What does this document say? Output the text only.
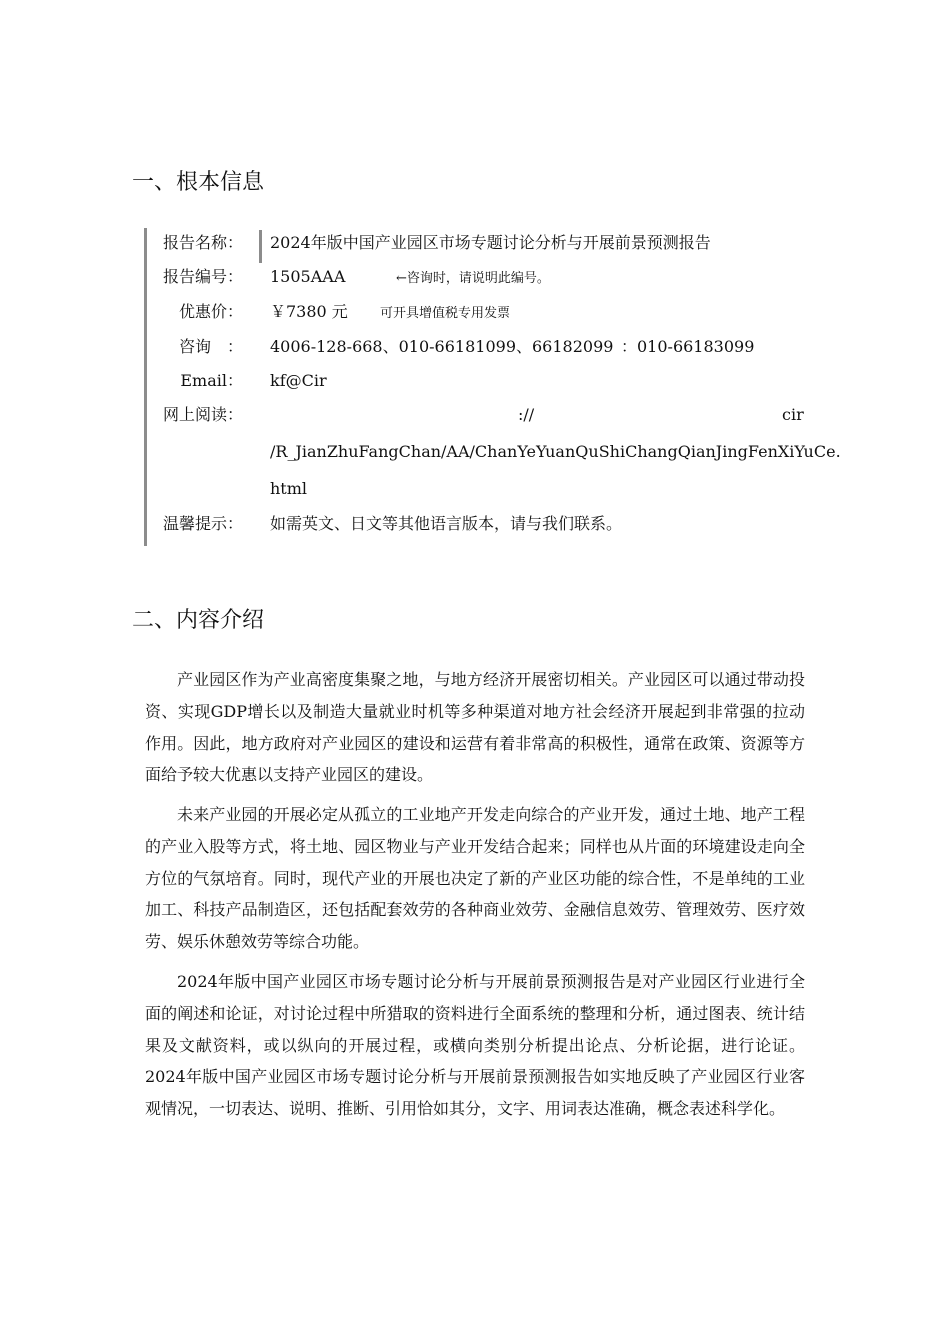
一、根本信息
报告名称： 2024年版中国产业园区市场专题讨论分析与开展前景预测报告
报告编号： 1505AAA	←咨询时，请说明此编号。
优惠价： ￥7380 元 可开具增值税专用发票
咨询　： 4006-128-668、010-66181099、66182099 ：010-66183099
Email： kf@Cir
网上阅读：	://	cir
/R_JianZhuFangChan/AA/ChanYeYuanQuShiChangQianJingFenXiYuCe.
html
温馨提示： 如需英文、日文等其他语言版本，请与我们联系。
二、内容介绍

产业园区作为产业高密度集聚之地，与地方经济开展密切相关。产业园区可以通过带动投资、实现GDP增长以及制造大量就业时机等多种渠道对地方社会经济开展起到非常强的拉动作用。因此，地方政府对产业园区的建设和运营有着非常高的积极性，通常在政策、资源等方面给予较大优惠以支持产业园区的建设。

未来产业园的开展必定从孤立的工业地产开发走向综合的产业开发，通过土地、地产工程的产业入股等方式，将土地、园区物业与产业开发结合起来；同样也从片面的环境建设走向全方位的气氛培育。同时，现代产业的开展也决定了新的产业区功能的综合性，不是单纯的工业加工、科技产品制造区，还包括配套效劳的各种商业效劳、金融信息效劳、管理效劳、医疗效劳、娱乐休憩效劳等综合功能。

2024年版中国产业园区市场专题讨论分析与开展前景预测报告是对产业园区行业进行全面的阐述和论证，对讨论过程中所猎取的资料进行全面系统的整理和分析，通过图表、统计结果及文献资料，或以纵向的开展过程，或横向类别分析提出论点、分析论据，进行论证。2024年版中国产业园区市场专题讨论分析与开展前景预测报告如实地反映了产业园区行业客观情况，一切表达、说明、推断、引用恰如其分，文字、用词表达准确，概念表述科学化。
